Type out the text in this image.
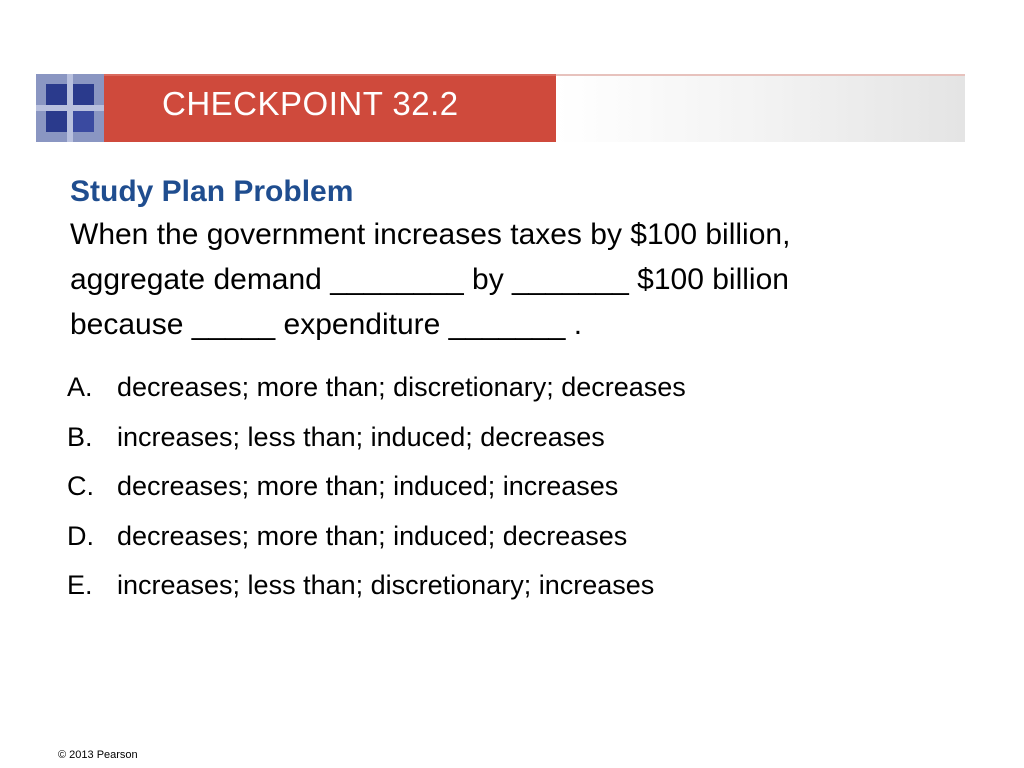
CHECKPOINT 32.2
Study Plan Problem
When the government increases taxes by $100 billion,
aggregate demand ________ by _______ $100 billion
because _____ expenditure _______ .
A. decreases; more than; discretionary; decreases
B. increases; less than; induced; decreases
C. decreases; more than; induced; increases
D. decreases; more than; induced; decreases
E. increases; less than; discretionary; increases
© 2013 Pearson
